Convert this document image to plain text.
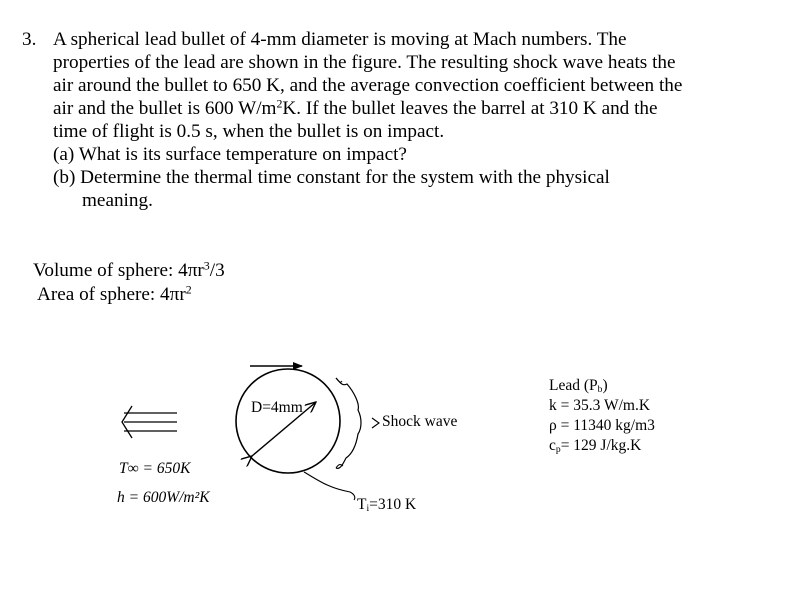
3. A spherical lead bullet of 4-mm diameter is moving at Mach numbers. The
properties of the lead are shown in the figure. The resulting shock wave heats the
air around the bullet to 650 K, and the average convection coefficient between the
air and the bullet is 600 $W/m^2K$. If the bullet leaves the barrel at 310 K and the
time of flight is 0.5 s, when the bullet is on impact.
(a) What is its surface temperature on impact?
(b) Determine the thermal time constant for the system with the physical
meaning.
Volume of sphere: $4\pi r^3/3$
Area of sphere: $4\pi r^2$
D=4mm
Shock wave
$T_i=310$ K
T∞ = 650K
h = 600W/m²K
Lead $(P_b)$
k = 35.3 W/m.K
ρ = 11340 kg/m3
$c_p= 129$ J/kg.K
